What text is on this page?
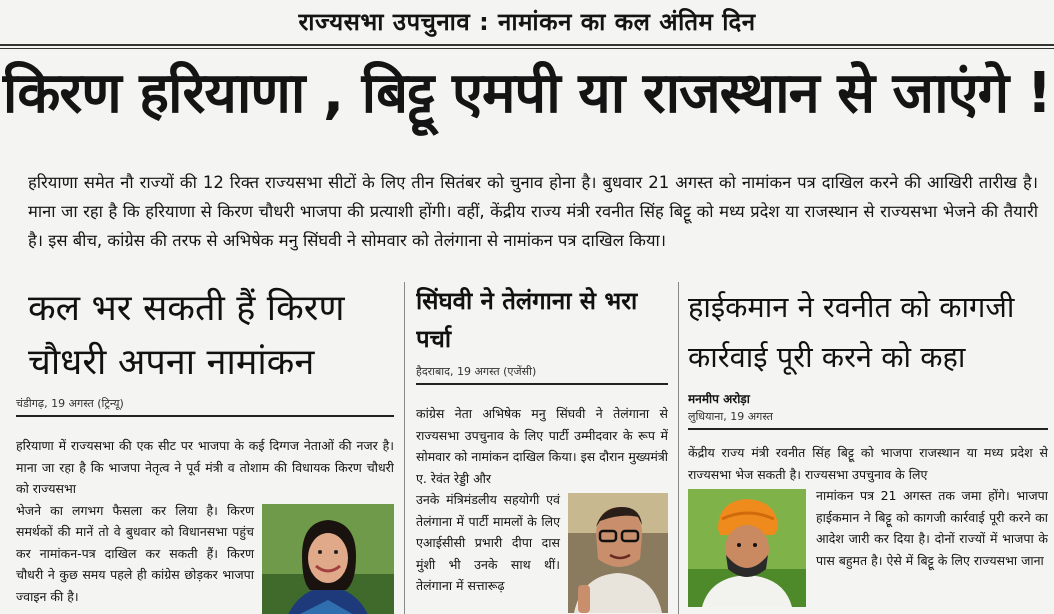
राज्यसभा उपचुनाव : नामांकन का कल अंतिम दिन
किरण हरियाणा , बिट्टू एमपी या राजस्थान से जाएंगे !

हरियाणा समेत नौ राज्यों की 12 रिक्त राज्यसभा सीटों के लिए तीन सितंबर को चुनाव होना है। बुधवार 21 अगस्त को नामांकन पत्र दाखिल करने की आखिरी तारीख है। माना जा रहा है कि हरियाणा से किरण चौधरी भाजपा की प्रत्याशी होंगी। वहीं, केंद्रीय राज्य मंत्री रवनीत सिंह बिट्टू को मध्य प्रदेश या राजस्थान से राज्यसभा भेजने की तैयारी है। इस बीच, कांग्रेस की तरफ से अभिषेक मनु सिंघवी ने सोमवार को तेलंगाना से नामांकन पत्र दाखिल किया।

कल भर सकती हैं किरण चौधरी अपना नामांकन
चंडीगढ़, 19 अगस्त (ट्रिन्यू)

हरियाणा में राज्यसभा की एक सीट पर भाजपा के कई दिग्गज नेताओं की नजर है। माना जा रहा है कि भाजपा नेतृत्व ने पूर्व मंत्री व तोशाम की विधायक किरण चौधरी को राज्यसभा

भेजने का लगभग फैसला कर लिया है। किरण समर्थकों की मानें तो वे बुधवार को विधानसभा पहुंच कर नामांकन-पत्र दाखिल कर सकती हैं। किरण चौधरी ने कुछ समय पहले ही कांग्रेस छोड़कर भाजपा ज्वाइन की है।

सिंघवी ने तेलंगाना से भरा पर्चा
हैदराबाद, 19 अगस्त (एजेंसी)

कांग्रेस नेता अभिषेक मनु सिंघवी ने तेलंगाना से राज्यसभा उपचुनाव के लिए पार्टी उम्मीदवार के रूप में सोमवार को नामांकन दाखिल किया। इस दौरान मुख्यमंत्री ए. रेवंत रेड्डी और

उनके मंत्रिमंडलीय सहयोगी एवं तेलंगाना में पार्टी मामलों के लिए एआईसीसी प्रभारी दीपा दास मुंशी भी उनके साथ थीं। तेलंगाना में सत्तारूढ़

हाईकमान ने रवनीत को कागजी कार्रवाई पूरी करने को कहा
मनमीप अरोड़ा
लुधियाना, 19 अगस्त

केंद्रीय राज्य मंत्री रवनीत सिंह बिट्टू को भाजपा राजस्थान या मध्य प्रदेश से राज्यसभा भेज सकती है। राज्यसभा उपचुनाव के लिए

नामांकन पत्र 21 अगस्त तक जमा होंगे। भाजपा हाईकमान ने बिट्टू को कागजी कार्रवाई पूरी करने का आदेश जारी कर दिया है। दोनों राज्यों में भाजपा के पास बहुमत है। ऐसे में बिट्टू के लिए राज्यसभा जाना
